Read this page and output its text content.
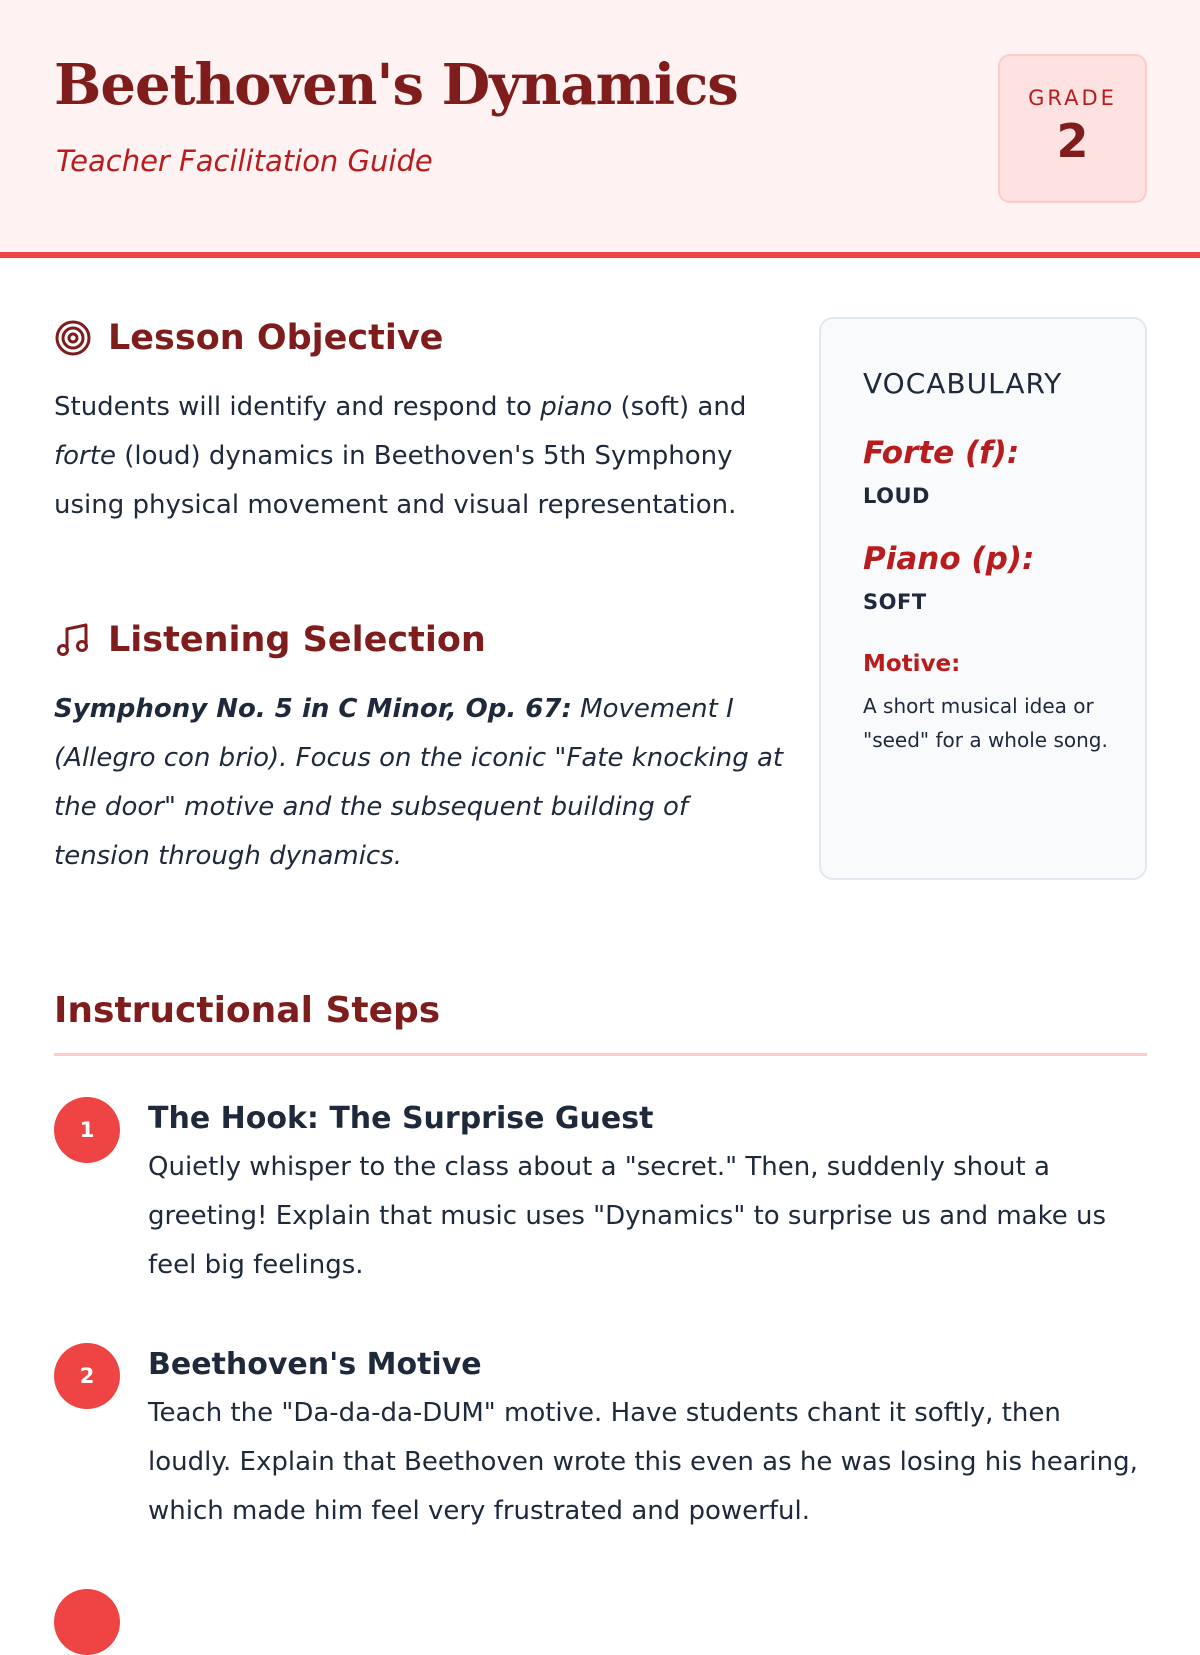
Beethoven's Dynamics
Teacher Facilitation Guide
GRADE
2
Lesson Objective

Students will identify and respond to piano (soft) and forte (loud) dynamics in Beethoven's 5th Symphony using physical movement and visual representation.

Listening Selection

Symphony No. 5 in C Minor, Op. 67: Movement I (Allegro con brio). Focus on the iconic "Fate knocking at the door" motive and the subsequent building of tension through dynamics.

VOCABULARY
Forte (f):
LOUD
Piano (p):
SOFT
Motive:
A short musical idea or "seed" for a whole song.
Instructional Steps
1	The Hook: The Surprise Guest

Quietly whisper to the class about a "secret." Then, suddenly shout a greeting! Explain that music uses "Dynamics" to surprise us and make us feel big feelings.

2	Beethoven's Motive

Teach the "Da-da-da-DUM" motive. Have students chant it softly, then loudly. Explain that Beethoven wrote this even as he was losing his hearing, which made him feel very frustrated and powerful.
